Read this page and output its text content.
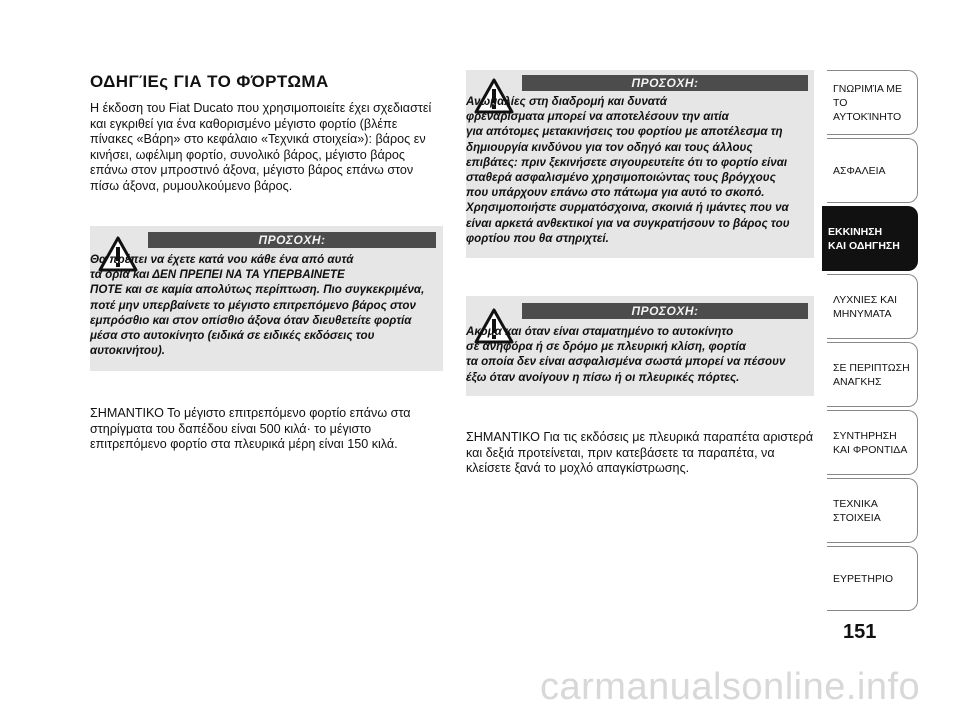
ΟΔΗΓΊΕς ΓΙΑ ΤΟ ΦΌΡΤΩΜΑ
Η έκδοση του Fiat Ducato που χρησιμοποιείτε έχει σχεδιαστεί
και εγκριθεί για ένα καθορισμένο μέγιστο φορτίο (βλέπε
πίνακες «Βάρη» στο κεφάλαιο «Τεχνικά στοιχεία»): βάρος εν
κινήσει, ωφέλιμη φορτίο, συνολικό βάρος, μέγιστο βάρος
επάνω στον μπροστινό άξονα, μέγιστο βάρος επάνω στον
πίσω άξονα, ρυμουλκούμενο βάρος.
ΠΡΟΣΟΧΗ:
Θα πρέπει να έχετε κατά νου κάθε ένα από αυτά
τα όρια και ΔΕΝ ΠΡΕΠΕΙ ΝΑ ΤΑ ΥΠΕΡΒΑΙΝΕΤΕ
ΠΟΤΕ και σε καμία απολύτως περίπτωση. Πιο συγκεκριμένα,
ποτέ μην υπερβαίνετε το μέγιστο επιτρεπόμενο βάρος στον
εμπρόσθιο και στον οπίσθιο άξονα όταν διευθετείτε φορτία
μέσα στο αυτοκίνητο (ειδικά σε ειδικές εκδόσεις του
αυτοκινήτου).
ΣΗΜΑΝΤΙΚΟ Το μέγιστο επιτρεπόμενο φορτίο επάνω στα
στηρίγματα του δαπέδου είναι 500 κιλά· το μέγιστο
επιτρεπόμενο φορτίο στα πλευρικά μέρη είναι 150 κιλά.
ΠΡΟΣΟΧΗ:
Ανωμαλίες στη διαδρομή και δυνατά
φρεναρίσματα μπορεί να αποτελέσουν την αιτία
για απότομες μετακινήσεις του φορτίου με αποτέλεσμα τη
δημιουργία κινδύνου για τον οδηγό και τους άλλους
επιβάτες: πριν ξεκινήσετε σιγουρευτείτε ότι το φορτίο είναι
σταθερά ασφαλισμένο χρησιμοποιώντας τους βρόγχους
που υπάρχουν επάνω στο πάτωμα για αυτό το σκοπό.
Χρησιμοποιήστε συρματόσχοινα, σκοινιά ή ιμάντες που να
είναι αρκετά ανθεκτικοί για να συγκρατήσουν το βάρος του
φορτίου που θα στηριχτεί.
ΠΡΟΣΟΧΗ:
Ακόμα και όταν είναι σταματημένο το αυτοκίνητο
σε ανηφόρα ή σε δρόμο με πλευρική κλίση, φορτία
τα οποία δεν είναι ασφαλισμένα σωστά μπορεί να πέσουν
έξω όταν ανοίγουν η πίσω ή οι πλευρικές πόρτες.
ΣΗΜΑΝΤΙΚΟ Για τις εκδόσεις με πλευρικά παραπέτα αριστερά
και δεξιά προτείνεται, πριν κατεβάσετε τα παραπέτα, να
κλείσετε ξανά το μοχλό απαγκίστρωσης.
ΓΝΩΡΙΜΊΑ ΜΕ
ΤΟ ΑΥΤΟΚΊΝΗΤΟ
ΑΣΦΑΛΕΙΑ
ΕΚΚΙΝΗΣΗ
ΚΑΙ ΟΔΗΓΗΣΗ
ΛΥΧΝΙΕΣ ΚΑΙ
ΜΗΝΥΜΑΤΑ
ΣΕ ΠΕΡΙΠΤΩΣΗ
ΑΝΑΓΚΗΣ
ΣΥΝΤΗΡΗΣΗ
ΚΑΙ ΦΡΟΝΤΙΔΑ
ΤΕΧΝΙΚΑ
ΣΤΟΙΧΕΙΑ
ΕΥΡΕΤΗΡΙΟ
151
carmanualsonline.info
